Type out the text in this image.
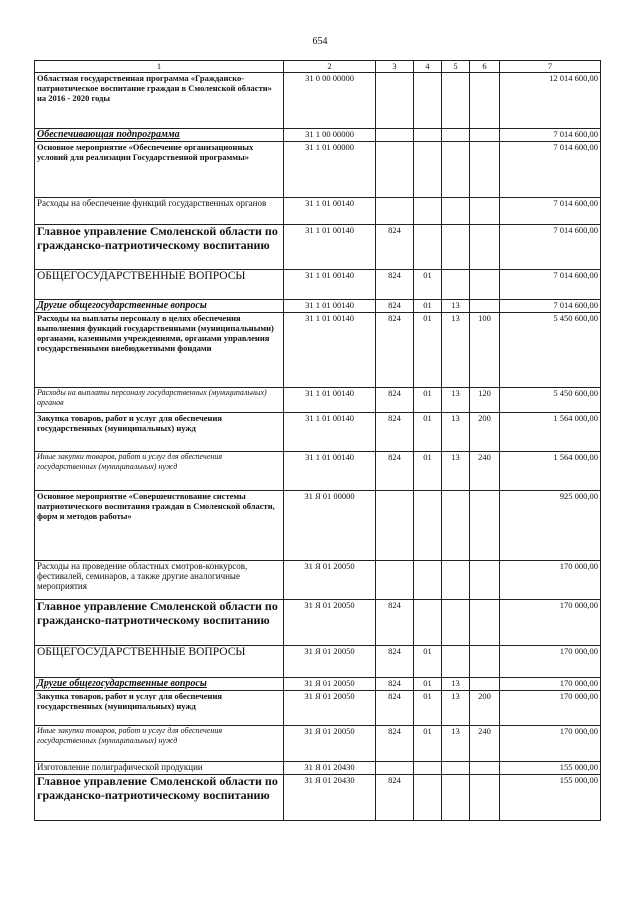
654
1	2	3	4	5	6	7
Областная государственная программа «Гражданско-патриотическое воспитание граждан в Смоленской области» на 2016 - 2020 годы	31 0 00 00000					12 014 600,00
Обеспечивающая подпрограмма	31 1 00 00000					7 014 600,00
Основное мероприятие «Обеспечение организационных условий для реализации Государственной программы»	31 1 01 00000					7 014 600,00
Расходы на обеспечение функций государственных органов	31 1 01 00140					7 014 600,00
Главное управление Смоленской области по гражданско-патриотическому воспитанию	31 1 01 00140	824				7 014 600,00
ОБЩЕГОСУДАРСТВЕННЫЕ ВОПРОСЫ	31 1 01 00140	824	01			7 014 600,00
Другие общегосударственные вопросы	31 1 01 00140	824	01	13		7 014 600,00
Расходы на выплаты персоналу в целях обеспечения выполнения функций государственными (муниципальными) органами, казенными учреждениями, органами управления государственными внебюджетными фондами	31 1 01 00140	824	01	13	100	5 450 600,00
Расходы на выплаты персоналу государственных (муниципальных) органов	31 1 01 00140	824	01	13	120	5 450 600,00
Закупка товаров, работ и услуг для обеспечения государственных (муниципальных) нужд	31 1 01 00140	824	01	13	200	1 564 000,00
Иные закупки товаров, работ и услуг для обеспечения государственных (муниципальных) нужд	31 1 01 00140	824	01	13	240	1 564 000,00
Основное мероприятие «Совершенствование системы патриотического воспитания граждан в Смоленской области, форм и методов работы»	31 Я 01 00000					925 000,00
Расходы на проведение областных смотров-конкурсов, фестивалей, семинаров, а также другие аналогичные мероприятия	31 Я 01 20050					170 000,00
Главное управление Смоленской области по гражданско-патриотическому воспитанию	31 Я 01 20050	824				170 000,00
ОБЩЕГОСУДАРСТВЕННЫЕ ВОПРОСЫ	31 Я 01 20050	824	01			170 000,00
Другие общегосударственные вопросы	31 Я 01 20050	824	01	13		170 000,00
Закупка товаров, работ и услуг для обеспечения государственных (муниципальных) нужд	31 Я 01 20050	824	01	13	200	170 000,00
Иные закупки товаров, работ и услуг для обеспечения государственных (муниципальных) нужд	31 Я 01 20050	824	01	13	240	170 000,00
Изготовление полиграфической продукции	31 Я 01 20430					155 000,00
Главное управление Смоленской области по гражданско-патриотическому воспитанию	31 Я 01 20430	824				155 000,00
